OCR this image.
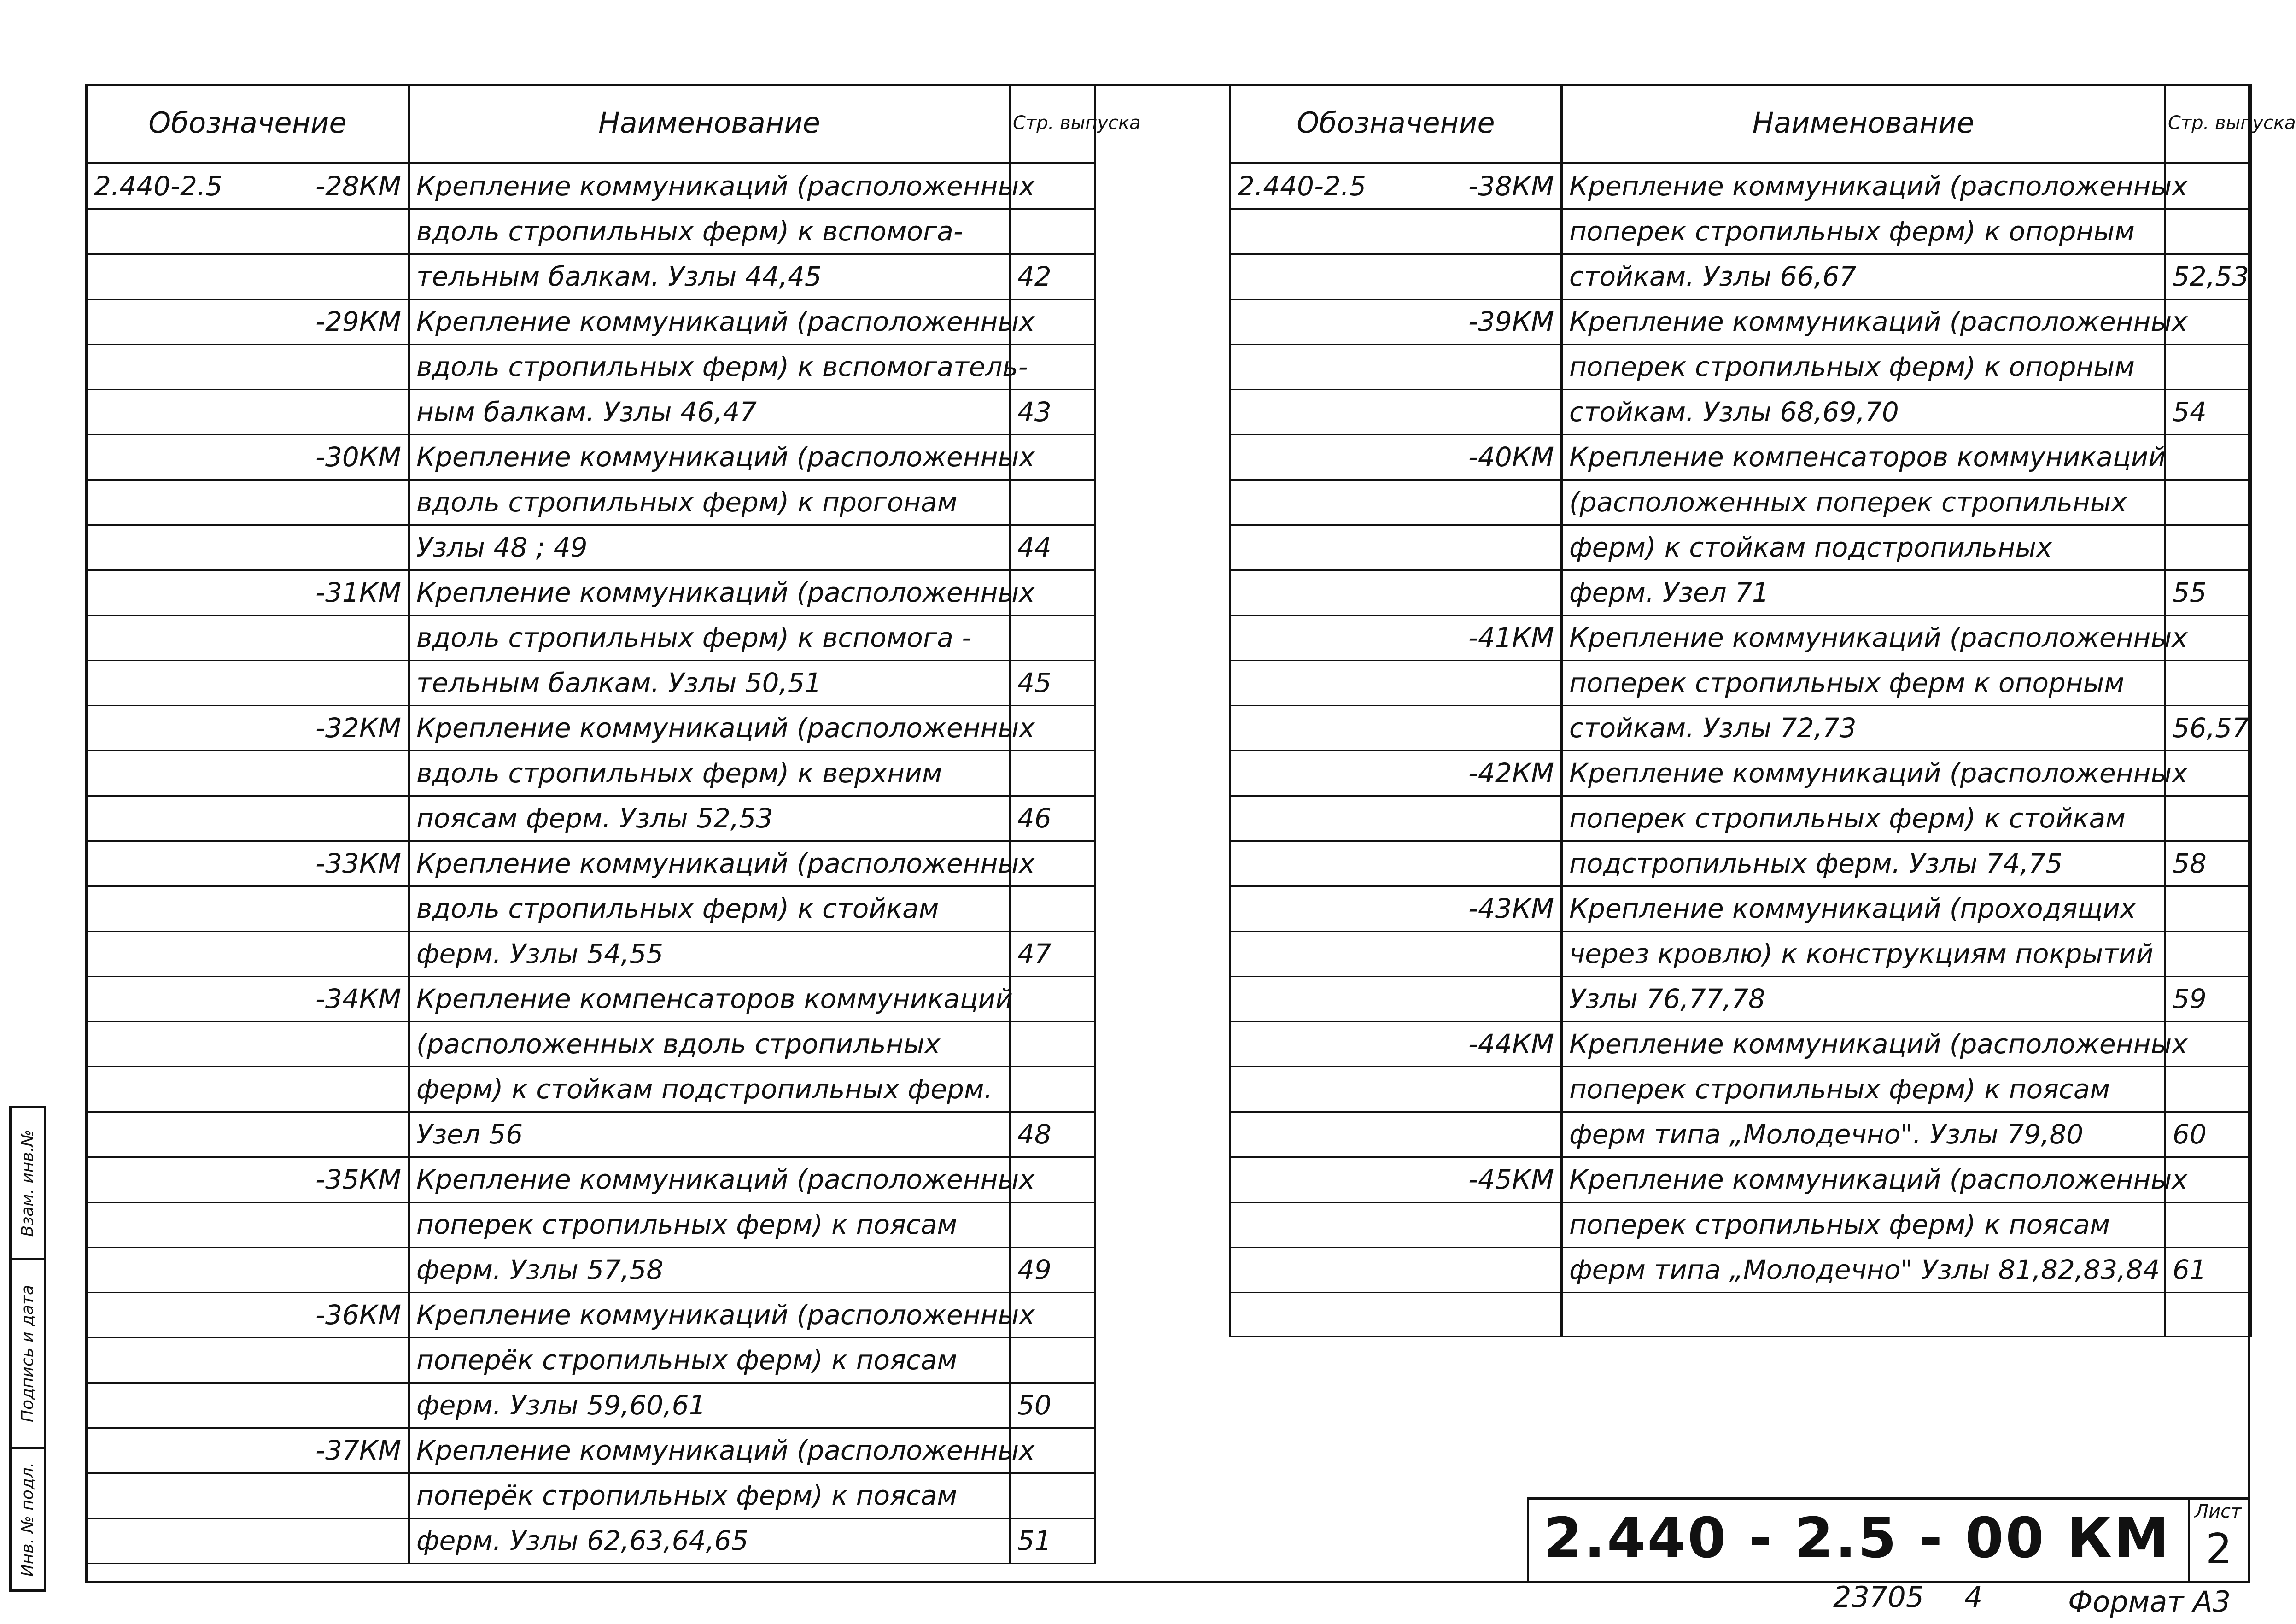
Обозначение	Наименование	Стр. выпуска

2.440-2.5 -28КМ	Крепление коммуникаций (расположенных	

	вдоль стропильных ферм) к вспомога-	

	тельным балкам. Узлы 44,45	42

-29КМ	Крепление коммуникаций (расположенных	

	вдоль стропильных ферм) к вспомогатель-	

	ным балкам. Узлы 46,47	43

-30КМ	Крепление коммуникаций (расположенных	

	вдоль стропильных ферм) к прогонам	

	Узлы 48 ; 49	44

-31КМ	Крепление коммуникаций (расположенных	

	вдоль стропильных ферм) к вспомога -	

	тельным балкам. Узлы 50,51	45

-32КМ	Крепление коммуникаций (расположенных	

	вдоль стропильных ферм) к верхним	

	поясам ферм. Узлы 52,53	46

-33КМ	Крепление коммуникаций (расположенных	

	вдоль стропильных ферм) к стойкам	

	ферм. Узлы 54,55	47

-34КМ	Крепление компенсаторов коммуникаций	

	(расположенных вдоль стропильных	

	ферм) к стойкам подстропильных ферм.	

	Узел 56	48

-35КМ	Крепление коммуникаций (расположенных	

	поперек стропильных ферм) к поясам	

	ферм. Узлы 57,58	49

-36КМ	Крепление коммуникаций (расположенных	

	поперёк стропильных ферм) к поясам	

	ферм. Узлы 59,60,61	50

-37КМ	Крепление коммуникаций (расположенных	

	поперёк стропильных ферм) к поясам	

	ферм. Узлы 62,63,64,65	51
Обозначение	Наименование	Стр. выпуска

2.440-2.5 -38КМ	Крепление коммуникаций (расположенных	

	поперек стропильных ферм) к опорным	

	стойкам. Узлы 66,67	52,53

-39КМ	Крепление коммуникаций (расположенных	

	поперек стропильных ферм) к опорным	

	стойкам. Узлы 68,69,70	54

-40КМ	Крепление компенсаторов коммуникаций	

	(расположенных поперек стропильных	

	ферм) к стойкам подстропильных	

	ферм. Узел 71	55

-41КМ	Крепление коммуникаций (расположенных	

	поперек стропильных ферм к опорным	

	стойкам. Узлы 72,73	56,57

-42КМ	Крепление коммуникаций (расположенных	

	поперек стропильных ферм) к стойкам	

	подстропильных ферм. Узлы 74,75	58

-43КМ	Крепление коммуникаций (проходящих	

	через кровлю) к конструкциям покрытий	

	Узлы 76,77,78	59

-44КМ	Крепление коммуникаций (расположенных	

	поперек стропильных ферм) к поясам	

	ферм типа „Молодечно". Узлы 79,80	60

-45КМ	Крепление коммуникаций (расположенных	

	поперек стропильных ферм) к поясам	

	ферм типа „Молодечно" Узлы 81,82,83,84	61

2.440 - 2.5 - 00 КМ	Лист
2
23705 4	Формат А3
Взам. инв.№
Подпись и дата
Инв. № подл.
